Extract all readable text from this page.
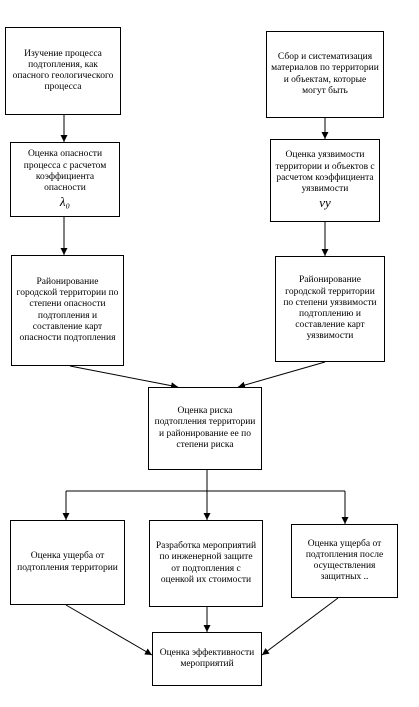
Изучение процесса подтопления, как опасного геологического процесса
Сбор и систематизация материалов по территории и объектам, которые могут быть
Оценка опасности процесса с расчетом коэффициента опасности
λ₀
Оценка уязвимости территории и объектов с расчетом коэффициента уязвимости
νy
Районирование городской территории по степени опасности подтопления и составление карт опасности подтопления
Районирование городской территории по степени уязвимости подтоплению и составление карт уязвимости
Оценка риска подтопления территории и районирование ее по степени риска
Оценка ущерба от подтопления территории
Разработка мероприятий по инженерной защите от подтопления с оценкой их стоимости
Оценка ущерба от подтопления после осуществления защитных ..
Оценка эффективности мероприятий
